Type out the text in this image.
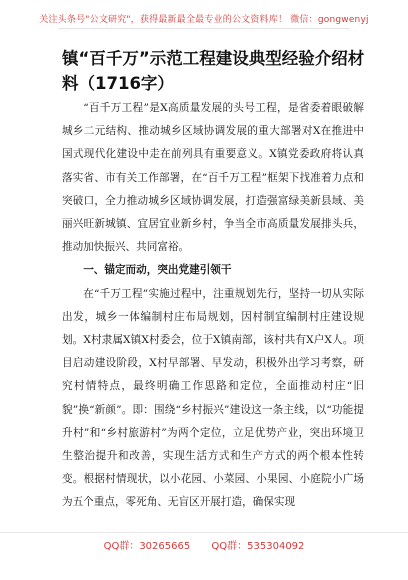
关注头条号"公文研究"，获得最新最全最专业的公文资料库！ 微信：gongwenyj
镇“百千万”示范工程建设典型经验介绍材料（1716字）

“百千万工程”是X高质量发展的头号工程，是省委着眼破解城乡二元结构、推动城乡区域协调发展的重大部署对X在推进中国式现代化建设中走在前列具有重要意义。X镇党委政府将认真落实省、市有关工作部署，在“百千万工程”框架下找准着力点和突破口，全力推动城乡区域协调发展，打造强富绿美新县域、美丽兴旺新城镇、宜居宜业新乡村，争当全市高质量发展排头兵，推动加快振兴、共同富裕。

一、锚定而动，突出党建引领干

在“千万工程”实施过程中，注重规划先行，坚持一切从实际出发，城乡一体编制村庄布局规划，因村制宜编制村庄建设规划。X村隶属X镇X村委会，位于X镇南部，该村共有X户X人。项目启动建设阶段，X村早部署、早发动，积极外出学习考察，研究村情特点，最终明确工作思路和定位，全面推动村庄“旧貌”换“新颜”。即：围绕“乡村振兴”建设这一条主线，以“功能提升村”和“乡村旅游村”为两个定位，立足优势产业，突出环境卫生整治提升和改善，实现生活方式和生产方式的两个根本性转变。根据村情现状，以小花园、小菜园、小果园、小庭院小广场为五个重点，零死角、无盲区开展打造，确保实现

QQ群：30265665 QQ群：535304092
